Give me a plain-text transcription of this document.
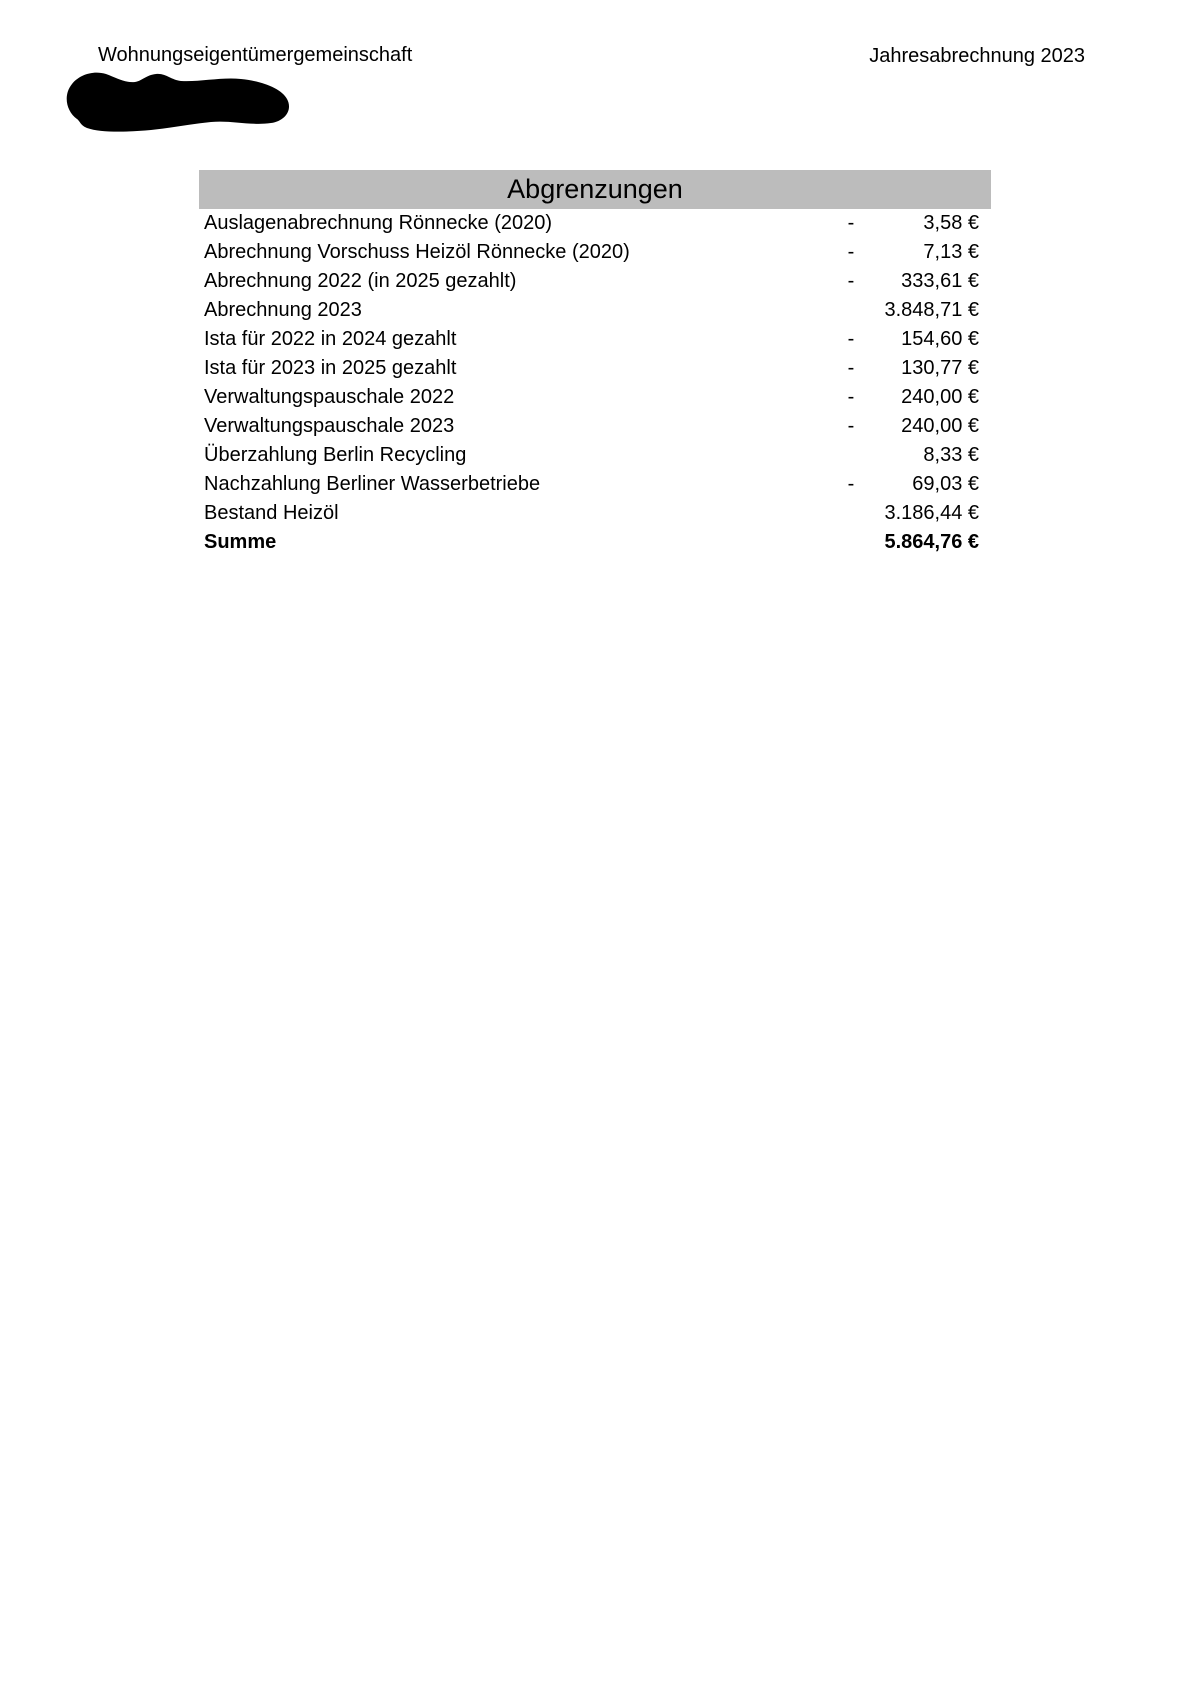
Wohnungseigentümergemeinschaft	Jahresabrechnung 2023
Abgrenzungen
Auslagenabrechnung Rönnecke (2020)	-	3,58 €
Abrechnung Vorschuss Heizöl Rönnecke (2020)	-	7,13 €
Abrechnung 2022 (in 2025 gezahlt)	- 333,61 €
Abrechnung 2023	3.848,71 €
Ista für 2022 in 2024 gezahlt	- 154,60 €
Ista für 2023 in 2025 gezahlt	- 130,77 €
Verwaltungspauschale 2022	- 240,00 €
Verwaltungspauschale 2023	- 240,00 €
Überzahlung Berlin Recycling	8,33 €
Nachzahlung Berliner Wasserbetriebe	-	69,03 €
Bestand Heizöl	3.186,44 €
Summe	5.864,76 €
